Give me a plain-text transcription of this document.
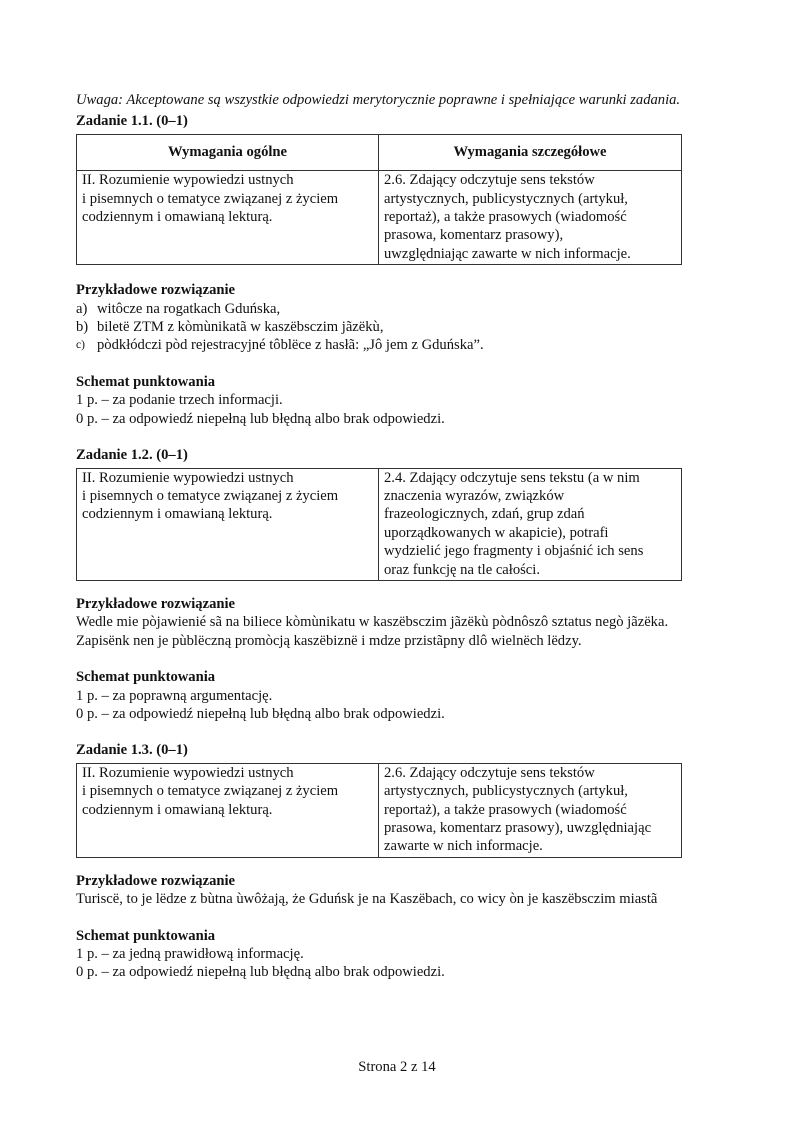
Uwaga: Akceptowane są wszystkie odpowiedzi merytorycznie poprawne i spełniające warunki zadania.

Zadanie 1.1. (0–1)

Wymagania ogólne	Wymagania szczegółowe
II. Rozumienie wypowiedzi ustnych
i pisemnych o tematyce związanej z życiem
codziennym i omawianą lekturą.	2.6. Zdający odczytuje sens tekstów
artystycznych, publicystycznych (artykuł,
reportaż), a także prasowych (wiadomość
prasowa, komentarz prasowy),
uwzględniając zawarte w nich informacje.

Przykładowe rozwiązanie

a) witôcze na rogatkach Gduńska,
b) biletë ZTM z kòmùnikatã w kaszëbsczim jãzëkù,
c) pòdkłódczi pòd rejestracyjné tôblëce z hasłã: „Jô jem z Gduńska”.

Schemat punktowania

1 p. – za podanie trzech informacji.

0 p. – za odpowiedź niepełną lub błędną albo brak odpowiedzi.

Zadanie 1.2. (0–1)

II. Rozumienie wypowiedzi ustnych
i pisemnych o tematyce związanej z życiem
codziennym i omawianą lekturą.	2.4. Zdający odczytuje sens tekstu (a w nim
znaczenia wyrazów, związków
frazeologicznych, zdań, grup zdań
uporządkowanych w akapicie), potrafi
wydzielić jego fragmenty i objaśnić ich sens
oraz funkcję na tle całości.

Przykładowe rozwiązanie

Wedle mie pòjawienié sã na biliece kòmùnikatu w kaszëbsczim jãzëkù pòdnôszô sztatus negò jãzëka. Zapisënk nen je pùblëczną promòcją kaszëbiznë i mdze przistãpny dlô wielnëch lëdzy.

Schemat punktowania

1 p. – za poprawną argumentację.

0 p. – za odpowiedź niepełną lub błędną albo brak odpowiedzi.

Zadanie 1.3. (0–1)

II. Rozumienie wypowiedzi ustnych
i pisemnych o tematyce związanej z życiem
codziennym i omawianą lekturą.	2.6. Zdający odczytuje sens tekstów
artystycznych, publicystycznych (artykuł,
reportaż), a także prasowych (wiadomość
prasowa, komentarz prasowy), uwzględniając
zawarte w nich informacje.

Przykładowe rozwiązanie

Turiscë, to je lëdze z bùtna ùwôżają, że Gduńsk je na Kaszëbach, co wicy òn je kaszëbsczim miastã

Schemat punktowania

1 p. – za jedną prawidłową informację.

0 p. – za odpowiedź niepełną lub błędną albo brak odpowiedzi.

Strona 2 z 14
